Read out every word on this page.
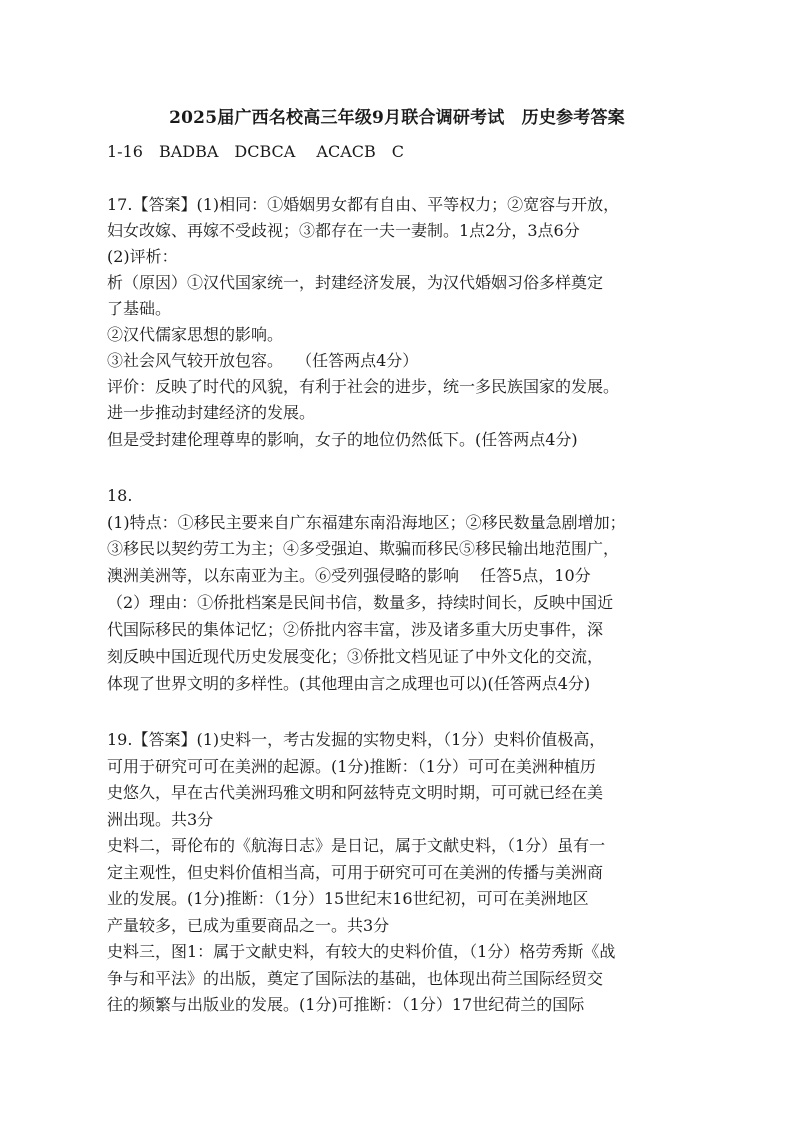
2025届广西名校高三年级9月联合调研考试　历史参考答案
1-16　BADBA　DCBCA　 ACACB　C
17.【答案】(1)相同：①婚姻男女都有自由、平等权力；②宽容与开放，
妇女改嫁、再嫁不受歧视；③都存在一夫一妻制。1点2分，3点6分
(2)评析：
析（原因）①汉代国家统一，封建经济发展，为汉代婚姻习俗多样奠定
了基础。
②汉代儒家思想的影响。
③社会风气较开放包容。　 （任答两点4分）
评价：反映了时代的风貌，有利于社会的进步，统一多民族国家的发展。
进一步推动封建经济的发展。
但是受封建伦理尊卑的影响，女子的地位仍然低下。(任答两点4分)
18.
(1)特点：①移民主要来自广东福建东南沿海地区；②移民数量急剧增加；
③移民以契约劳工为主；④多受强迫、欺骗而移民⑤移民输出地范围广，
澳洲美洲等，以东南亚为主。⑥受列强侵略的影响　 任答5点，10分
（2）理由：①侨批档案是民间书信，数量多，持续时间长，反映中国近
代国际移民的集体记忆；②侨批内容丰富，涉及诸多重大历史事件，深
刻反映中国近现代历史发展变化；③侨批文档见证了中外文化的交流，
体现了世界文明的多样性。(其他理由言之成理也可以)(任答两点4分)
19.【答案】(1)史料一，考古发掘的实物史料，（1分）史料价值极高，
可用于研究可可在美洲的起源。(1分)推断：（1分）可可在美洲种植历
史悠久，早在古代美洲玛雅文明和阿兹特克文明时期，可可就已经在美
洲出现。共3分
史料二，哥伦布的《航海日志》是日记，属于文献史料，（1分）虽有一
定主观性，但史料价值相当高，可用于研究可可在美洲的传播与美洲商
业的发展。(1分)推断：（1分）15世纪末16世纪初，可可在美洲地区
产量较多，已成为重要商品之一。共3分
史料三，图1：属于文献史料，有较大的史料价值，（1分）格劳秀斯《战
争与和平法》的出版，奠定了国际法的基础，也体现出荷兰国际经贸交
往的频繁与出版业的发展。(1分)可推断：（1分）17世纪荷兰的国际
